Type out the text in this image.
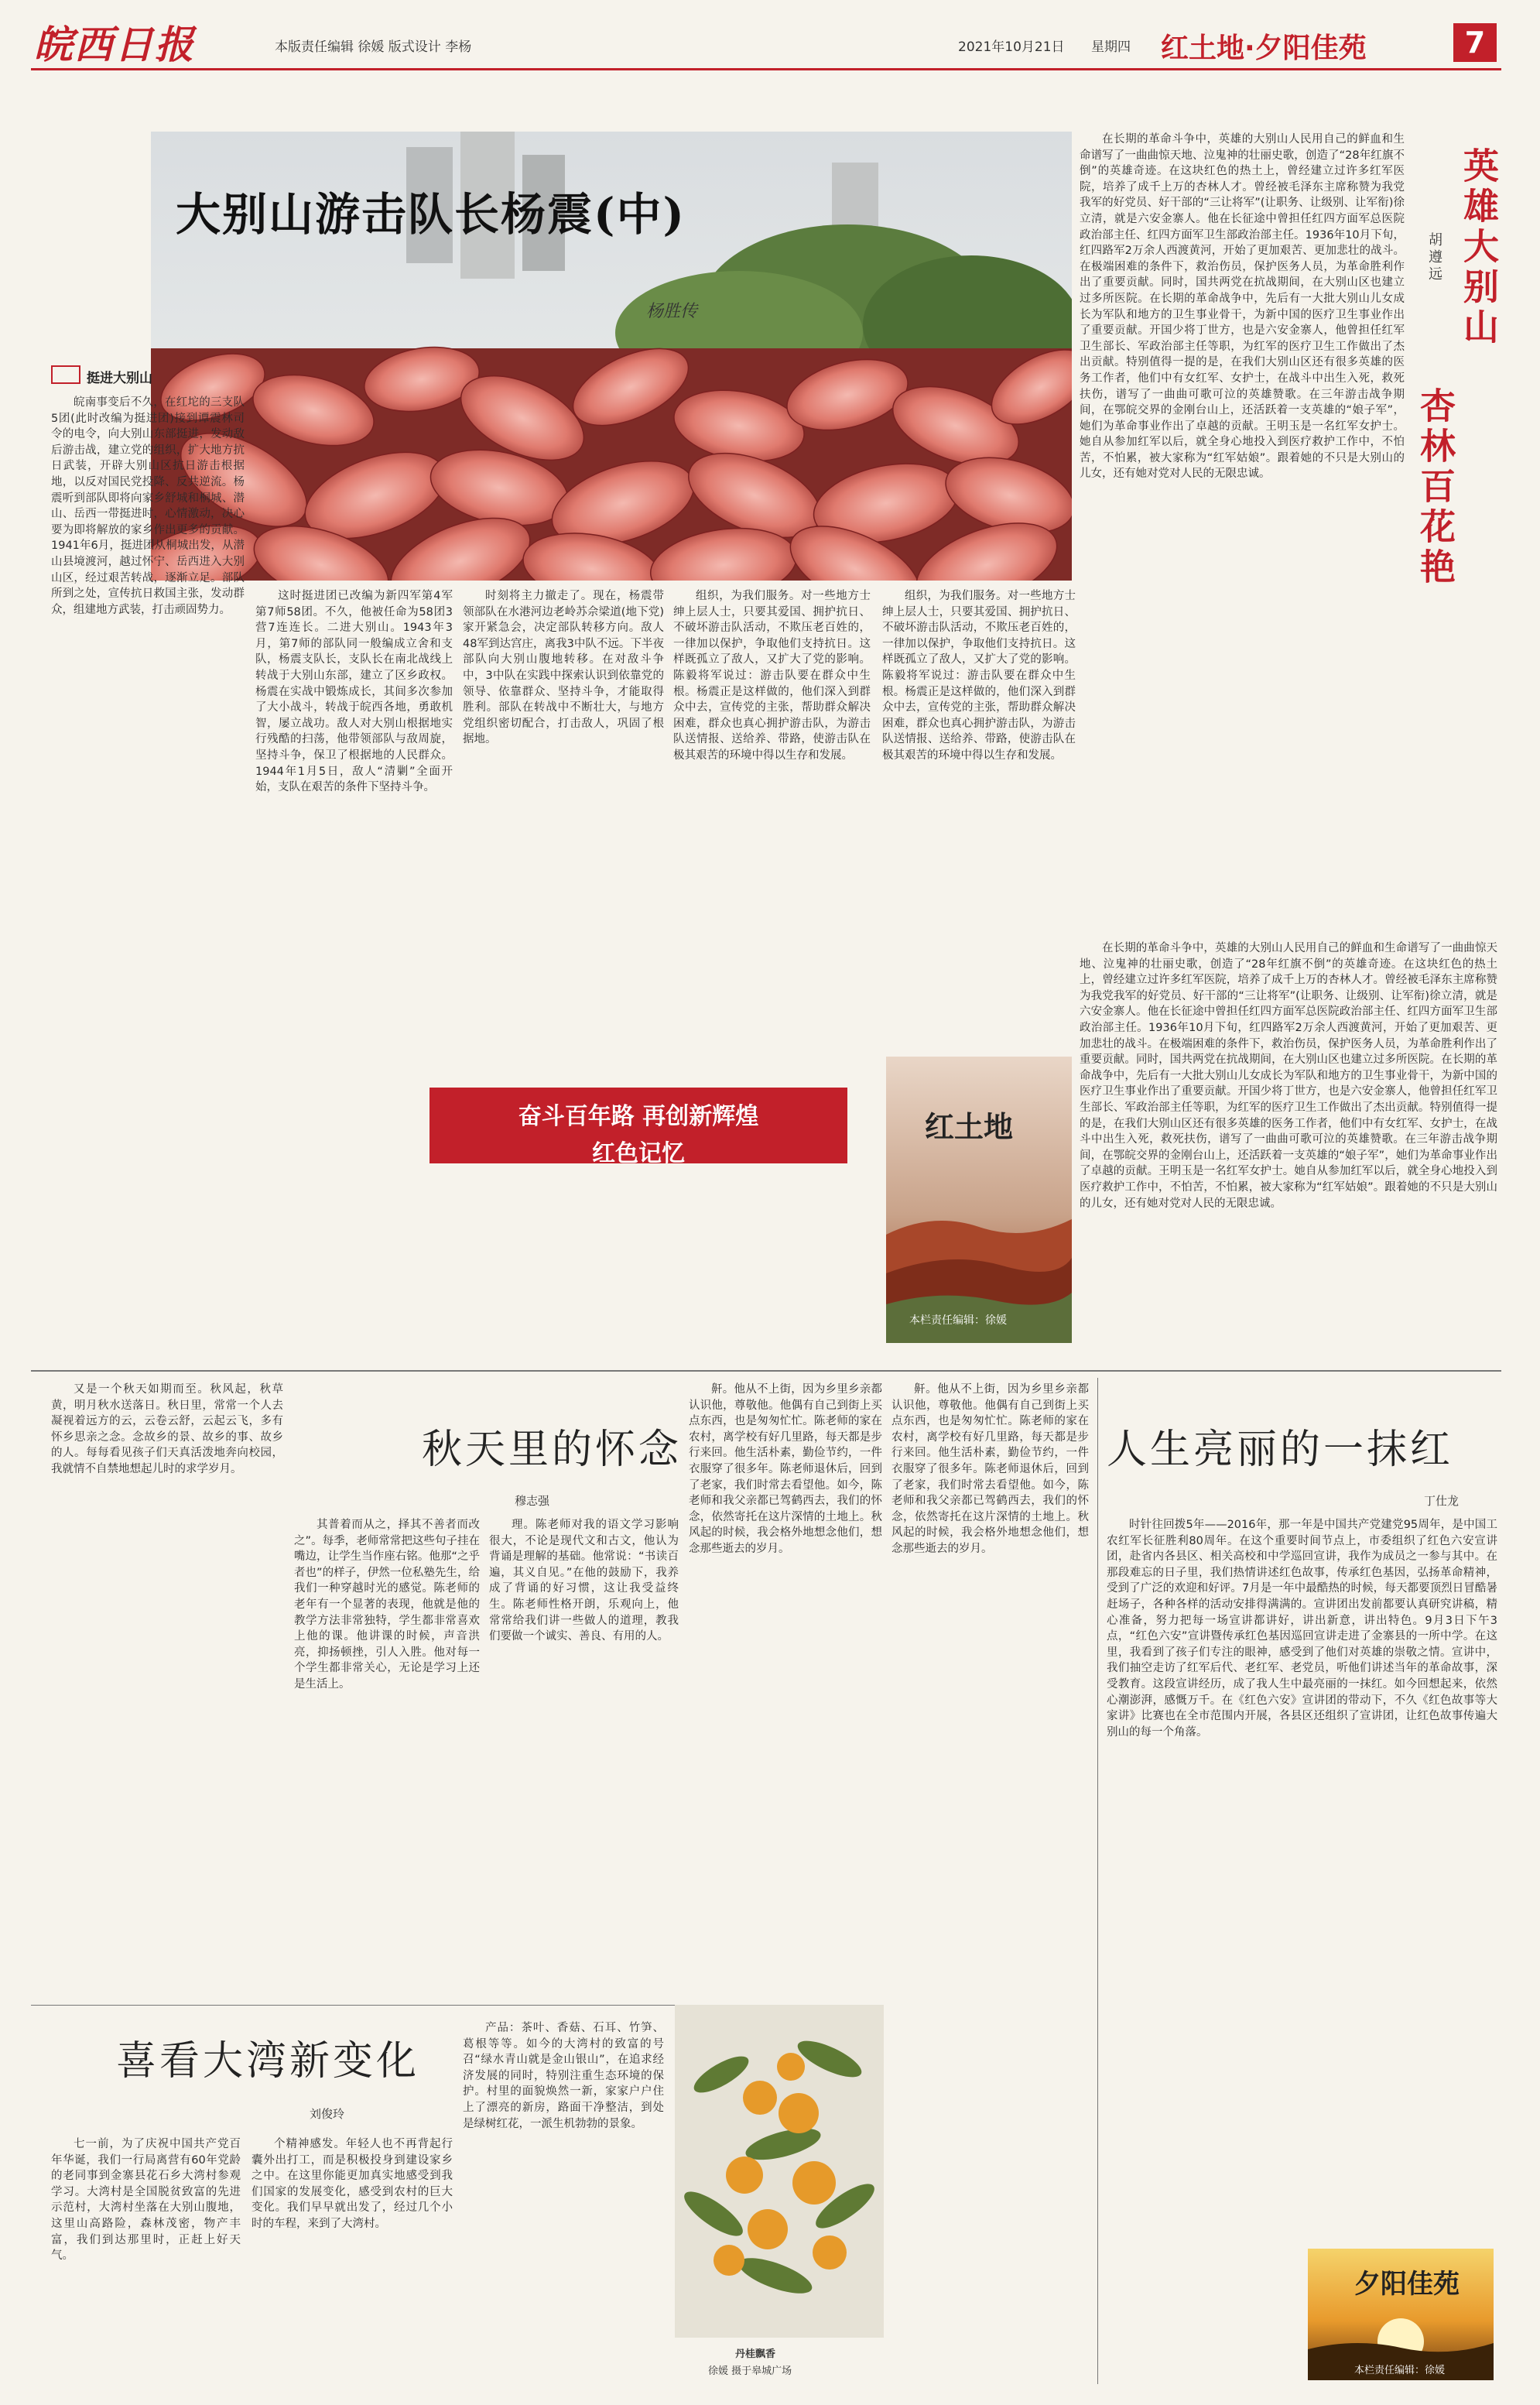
皖西日报	本版责任编辑 徐媛 版式设计 李杨	2021年10月21日 星期四 红土地·夕阳佳苑	7
大别山游击队长杨震(中)
杨胜传
挺进大别山

皖南事变后不久，在红坨的三支队5团(此时改编为挺进团)接到谭震林司令的电令，向大别山东部挺进，发动敌后游击战，建立党的组织，扩大地方抗日武装，开辟大别山区抗日游击根据地，以反对国民党投降、反共逆流。杨震听到部队即将向家乡舒城和桐城、潜山、岳西一带挺进时，心情激动，决心要为即将解放的家乡作出更多的贡献。1941年6月，挺进团从桐城出发，从潜山县境渡河，越过怀宁、岳西进入大别山区，经过艰苦转战，逐渐立足。部队所到之处，宣传抗日救国主张，发动群众，组建地方武装，打击顽固势力。

这时挺进团已改编为新四军第4军第7师58团。不久，他被任命为58团3营7连连长。二进大别山。1943年3月，第7师的部队同一般编成立舍和支队，杨震支队长，支队长在南北战线上转战于大别山东部，建立了区乡政权。杨震在实战中锻炼成长，其间多次参加了大小战斗，转战于皖西各地，勇敢机智，屡立战功。敌人对大别山根据地实行残酷的扫荡，他带领部队与敌周旋，坚持斗争，保卫了根据地的人民群众。1944年1月5日，敌人“清剿”全面开始，支队在艰苦的条件下坚持斗争。

时刻将主力撤走了。现在，杨震带领部队在水港河边老岭苏佘梁道(地下党)家开紧急会，决定部队转移方向。敌人48军到达宫庄，离我3中队不远。下半夜部队向大别山腹地转移。在对敌斗争中，3中队在实践中探索认识到依靠党的领导、依靠群众、坚持斗争，才能取得胜利。部队在转战中不断壮大，与地方党组织密切配合，打击敌人，巩固了根据地。

组织，为我们服务。对一些地方士绅上层人士，只要其爱国、拥护抗日、不破坏游击队活动，不欺压老百姓的，一律加以保护，争取他们支持抗日。这样既孤立了敌人，又扩大了党的影响。陈毅将军说过：游击队要在群众中生根。杨震正是这样做的，他们深入到群众中去，宣传党的主张，帮助群众解决困难，群众也真心拥护游击队，为游击队送情报、送给养、带路，使游击队在极其艰苦的环境中得以生存和发展。

组织，为我们服务。对一些地方士绅上层人士，只要其爱国、拥护抗日、不破坏游击队活动，不欺压老百姓的，一律加以保护，争取他们支持抗日。这样既孤立了敌人，又扩大了党的影响。陈毅将军说过：游击队要在群众中生根。杨震正是这样做的，他们深入到群众中去，宣传党的主张，帮助群众解决困难，群众也真心拥护游击队，为游击队送情报、送给养、带路，使游击队在极其艰苦的环境中得以生存和发展。

红土地
本栏责任编辑：徐媛
奋斗百年路 再创新辉煌
红色记忆
英雄大别山
杏林百花艳
胡遵远

在长期的革命斗争中，英雄的大别山人民用自己的鲜血和生命谱写了一曲曲惊天地、泣鬼神的壮丽史歌，创造了“28年红旗不倒”的英雄奇迹。在这块红色的热土上，曾经建立过许多红军医院，培养了成千上万的杏林人才。曾经被毛泽东主席称赞为我党我军的好党员、好干部的“三让将军”(让职务、让级别、让军衔)徐立清，就是六安金寨人。他在长征途中曾担任红四方面军总医院政治部主任、红四方面军卫生部政治部主任。1936年10月下旬，红四路军2万余人西渡黄河，开始了更加艰苦、更加悲壮的战斗。在极端困难的条件下，救治伤员，保护医务人员，为革命胜利作出了重要贡献。同时，国共两党在抗战期间，在大别山区也建立过多所医院。在长期的革命战争中，先后有一大批大别山儿女成长为军队和地方的卫生事业骨干，为新中国的医疗卫生事业作出了重要贡献。开国少将丁世方，也是六安金寨人，他曾担任红军卫生部长、军政治部主任等职，为红军的医疗卫生工作做出了杰出贡献。特别值得一提的是，在我们大别山区还有很多英雄的医务工作者，他们中有女红军、女护士，在战斗中出生入死，救死扶伤，谱写了一曲曲可歌可泣的英雄赞歌。在三年游击战争期间，在鄂皖交界的金刚台山上，还活跃着一支英雄的“娘子军”，她们为革命事业作出了卓越的贡献。王明玉是一名红军女护士。她自从参加红军以后，就全身心地投入到医疗救护工作中，不怕苦，不怕累，被大家称为“红军姑娘”。跟着她的不只是大别山的儿女，还有她对党对人民的无限忠诚。

在长期的革命斗争中，英雄的大别山人民用自己的鲜血和生命谱写了一曲曲惊天地、泣鬼神的壮丽史歌，创造了“28年红旗不倒”的英雄奇迹。在这块红色的热土上，曾经建立过许多红军医院，培养了成千上万的杏林人才。曾经被毛泽东主席称赞为我党我军的好党员、好干部的“三让将军”(让职务、让级别、让军衔)徐立清，就是六安金寨人。他在长征途中曾担任红四方面军总医院政治部主任、红四方面军卫生部政治部主任。1936年10月下旬，红四路军2万余人西渡黄河，开始了更加艰苦、更加悲壮的战斗。在极端困难的条件下，救治伤员，保护医务人员，为革命胜利作出了重要贡献。同时，国共两党在抗战期间，在大别山区也建立过多所医院。在长期的革命战争中，先后有一大批大别山儿女成长为军队和地方的卫生事业骨干，为新中国的医疗卫生事业作出了重要贡献。开国少将丁世方，也是六安金寨人，他曾担任红军卫生部长、军政治部主任等职，为红军的医疗卫生工作做出了杰出贡献。特别值得一提的是，在我们大别山区还有很多英雄的医务工作者，他们中有女红军、女护士，在战斗中出生入死，救死扶伤，谱写了一曲曲可歌可泣的英雄赞歌。在三年游击战争期间，在鄂皖交界的金刚台山上，还活跃着一支英雄的“娘子军”，她们为革命事业作出了卓越的贡献。王明玉是一名红军女护士。她自从参加红军以后，就全身心地投入到医疗救护工作中，不怕苦，不怕累，被大家称为“红军姑娘”。跟着她的不只是大别山的儿女，还有她对党对人民的无限忠诚。

又是一个秋天如期而至。秋风起，秋草黄，明月秋水送落日。秋日里，常常一个人去凝视着远方的云，云卷云舒，云起云飞，多有怀乡思亲之念。念故乡的景、故乡的事、故乡的人。每每看见孩子们天真活泼地奔向校园，我就情不自禁地想起儿时的求学岁月。	秋天里的怀念
穆志强

其普着而从之，择其不善者而改之”。每季，老师常常把这些句子挂在嘴边，让学生当作座右铭。他那“之乎者也”的样子，伊然一位私塾先生，给我们一种穿越时光的感觉。陈老师的老年有一个显著的表现，他就是他的教学方法非常独特，学生都非常喜欢上他的课。他讲课的时候，声音洪亮，抑扬顿挫，引人入胜。他对每一个学生都非常关心，无论是学习上还是生活上。

理。陈老师对我的语文学习影响很大，不论是现代文和古文，他认为背诵是理解的基础。他常说：“书读百遍，其义自见。”在他的鼓励下，我养成了背诵的好习惯，这让我受益终生。陈老师性格开朗，乐观向上，他常常给我们讲一些做人的道理，教我们要做一个诚实、善良、有用的人。

鼾。他从不上街，因为乡里乡亲都认识他，尊敬他。他偶有自己到街上买点东西，也是匆匆忙忙。陈老师的家在农村，离学校有好几里路，每天都是步行来回。他生活朴素，勤俭节约，一件衣服穿了很多年。陈老师退休后，回到了老家，我们时常去看望他。如今，陈老师和我父亲都已驾鹤西去，我们的怀念，依然寄托在这片深情的土地上。秋风起的时候，我会格外地想念他们，想念那些逝去的岁月。

鼾。他从不上街，因为乡里乡亲都认识他，尊敬他。他偶有自己到街上买点东西，也是匆匆忙忙。陈老师的家在农村，离学校有好几里路，每天都是步行来回。他生活朴素，勤俭节约，一件衣服穿了很多年。陈老师退休后，回到了老家，我们时常去看望他。如今，陈老师和我父亲都已驾鹤西去，我们的怀念，依然寄托在这片深情的土地上。秋风起的时候，我会格外地想念他们，想念那些逝去的岁月。

人生亮丽的一抹红
丁仕龙

时针往回拨5年——2016年，那一年是中国共产党建党95周年，是中国工农红军长征胜利80周年。在这个重要时间节点上，市委组织了红色六安宣讲团，赴省内各县区、相关高校和中学巡回宣讲，我作为成员之一参与其中。在那段难忘的日子里，我们热情讲述红色故事，传承红色基因，弘扬革命精神，受到了广泛的欢迎和好评。7月是一年中最酷热的时候，每天都要顶烈日冒酷暑赶场子，各种各样的活动安排得满满的。宣讲团出发前都要认真研究讲稿，精心准备，努力把每一场宣讲都讲好，讲出新意，讲出特色。9月3日下午3点，“红色六安”宣讲暨传承红色基因巡回宣讲走进了金寨县的一所中学。在这里，我看到了孩子们专注的眼神，感受到了他们对英雄的崇敬之情。宣讲中，我们抽空走访了红军后代、老红军、老党员，听他们讲述当年的革命故事，深受教育。这段宣讲经历，成了我人生中最亮丽的一抹红。如今回想起来，依然心潮澎湃，感慨万千。在《红色六安》宣讲团的带动下，不久《红色故事等大家讲》比赛也在全市范围内开展，各县区还组织了宣讲团，让红色故事传遍大别山的每一个角落。

夕阳佳苑
本栏责任编辑：徐媛
喜看大湾新变化
刘俊玲

七一前，为了庆祝中国共产党百年华诞，我们一行局离营有60年党龄的老同事到金寨县花石乡大湾村参观学习。大湾村是全国脱贫致富的先进示范村，大湾村坐落在大别山腹地，这里山高路险，森林茂密，物产丰富，我们到达那里时，正赶上好天气。

个精神感发。年轻人也不再背起行囊外出打工，而是积极投身到建设家乡之中。在这里你能更加真实地感受到我们国家的发展变化，感受到农村的巨大变化。我们早早就出发了，经过几个小时的车程，来到了大湾村。

产品：茶叶、香菇、石耳、竹笋、葛根等等。如今的大湾村的致富的号召“绿水青山就是金山银山”，在追求经济发展的同时，特别注重生态环境的保护。村里的面貌焕然一新，家家户户住上了漂亮的新房，路面干净整洁，到处是绿树红花，一派生机勃勃的景象。

丹桂飘香
徐媛 摄于皋城广场
